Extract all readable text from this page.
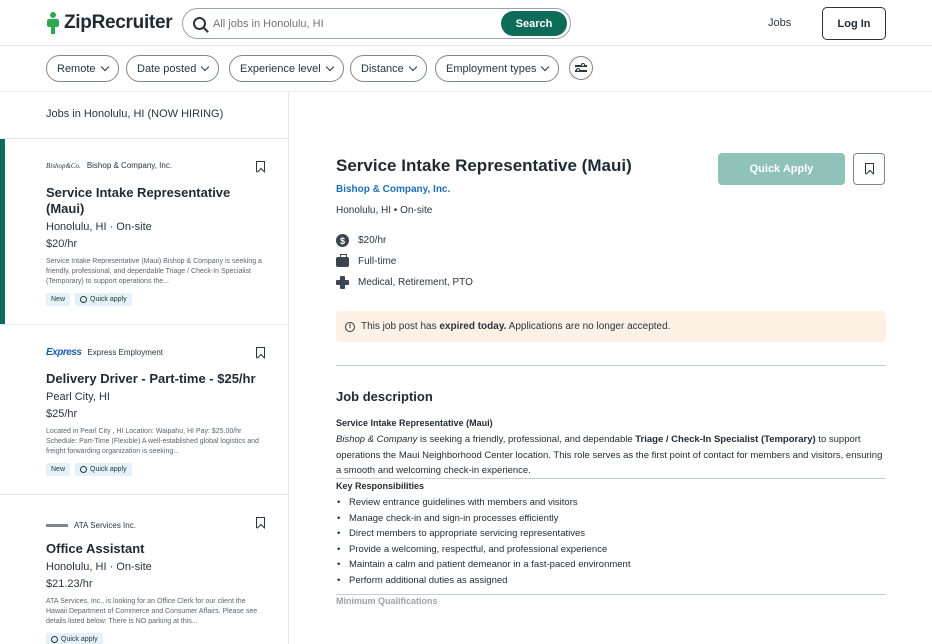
ZipRecruiter
All jobs in Honolulu, HI	Search	Jobs	Log In
Remote	Date posted	Experience level	Distance	Employment types
Jobs in Honolulu, HI (NOW HIRING)
Bishop&Co. Bishop & Company, Inc.
Service Intake Representative (Maui)
Honolulu, HI · On-site
$20/hr
Service Intake Representative (Maui) Bishop & Company is seeking a friendly, professional, and dependable Triage / Check-In Specialist (Temporary) to support operations the...
New	Quick apply
Express Express Employment
Delivery Driver - Part-time - $25/hr
Pearl City, HI
$25/hr
Located in Pearl City , HI Location: Waipahu, HI Pay: $25.00/hr Schedule: Part-Time (Flexible) A well-established global logistics and freight forwarding organization is seeking...
New	Quick apply
ATA Services Inc.
Office Assistant
Honolulu, HI · On-site
$21.23/hr
ATA Services, Inc., is looking for an Office Clerk for our client the Hawaii Department of Commerce and Consumer Affairs. Please see details listed below: There is NO parking at this...
Quick apply
Service Intake Representative (Maui)
Bishop & Company, Inc.
Honolulu, HI • On-site
Quick Apply
$	$20/hr
Full-time
Medical, Retirement, PTO
i	This job post has expired today. Applications are no longer accepted.
Job description
Service Intake Representative (Maui)
Bishop & Company is seeking a friendly, professional, and dependable Triage / Check-In Specialist (Temporary) to support operations the Maui Neighborhood Center location. This role serves as the first point of contact for members and visitors, ensuring a smooth and welcoming check-in experience.
Key Responsibilities
• Review entrance guidelines with members and visitors
• Manage check-in and sign-in processes efficiently
• Direct members to appropriate servicing representatives
• Provide a welcoming, respectful, and professional experience
• Maintain a calm and patient demeanor in a fast-paced environment
• Perform additional duties as assigned
Minimum Qualifications
